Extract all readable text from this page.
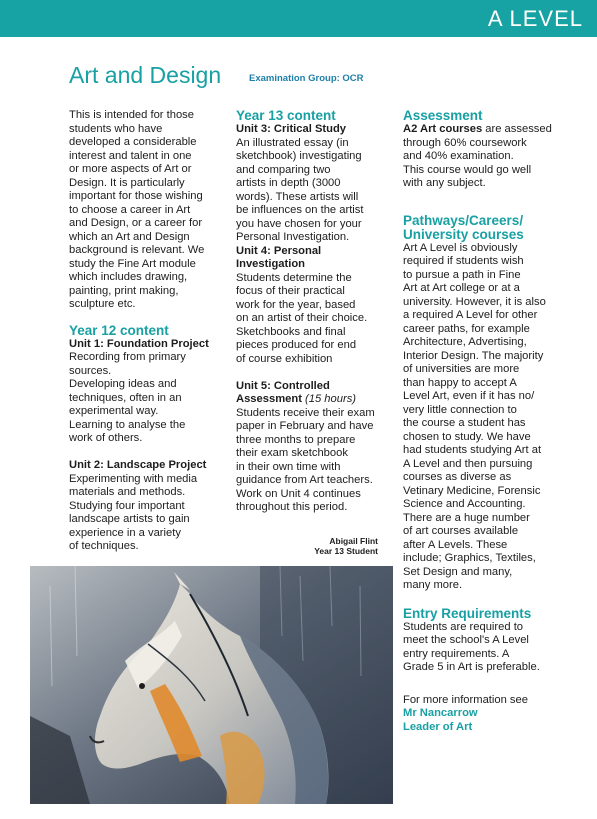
A LEVEL
Art and Design	Examination Group: OCR

This is intended for those

students who have

developed a considerable

interest and talent in one

or more aspects of Art or

Design. It is particularly

important for those wishing

to choose a career in Art

and Design, or a career for

which an Art and Design

background is relevant. We

study the Fine Art module

which includes drawing,

painting, print making,

sculpture etc.

Year 12 content

Unit 1: Foundation Project

Recording from primary

sources.

Developing ideas and

techniques, often in an

experimental way.

Learning to analyse the

work of others.

Unit 2: Landscape Project

Experimenting with media

materials and methods.

Studying four important

landscape artists to gain

experience in a variety

of techniques.

Year 13 content

Unit 3: Critical Study

An illustrated essay (in

sketchbook) investigating

and comparing two

artists in depth (3000

words). These artists will

be influences on the artist

you have chosen for your

Personal Investigation.

Unit 4: Personal

Investigation

Students determine the

focus of their practical

work for the year, based

on an artist of their choice.

Sketchbooks and final

pieces produced for end

of course exhibition

Unit 5: Controlled

Assessment (15 hours)

Students receive their exam

paper in February and have

three months to prepare

their exam sketchbook

in their own time with

guidance from Art teachers.

Work on Unit 4 continues

throughout this period.

Abigail Flint
Year 13 Student

Assessment

A2 Art courses are assessed

through 60% coursework

and 40% examination.

This course would go well

with any subject.

Pathways/Careers/

University courses

Art A Level is obviously

required if students wish

to pursue a path in Fine

Art at Art college or at a

university. However, it is also

a required A Level for other

career paths, for example

Architecture, Advertising,

Interior Design. The majority

of universities are more

than happy to accept A

Level Art, even if it has no/

very little connection to

the course a student has

chosen to study. We have

had students studying Art at

A Level and then pursuing

courses as diverse as

Vetinary Medicine, Forensic

Science and Accounting.

There are a huge number

of art courses available

after A Levels. These

include; Graphics, Textiles,

Set Design and many,

many more.

Entry Requirements

Students are required to

meet the school's A Level

entry requirements. A

Grade 5 in Art is preferable.

For more information see

Mr Nancarrow

Leader of Art
